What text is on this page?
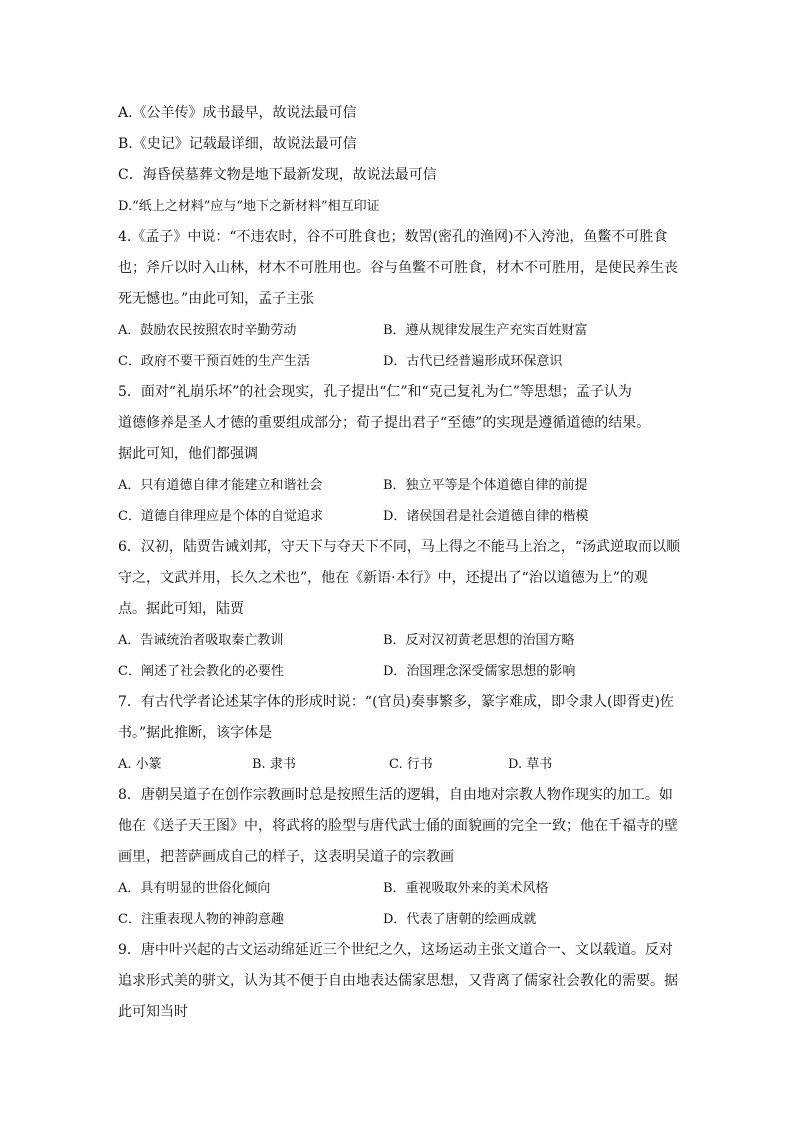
A.《公羊传》成书最早，故说法最可信
B.《史记》记载最详细，故说法最可信
C．海昏侯墓葬文物是地下最新发现，故说法最可信
D.“纸上之材料”应与“地下之新材料”相互印证
4.《孟子》中说：“不违农时，谷不可胜食也；数罟(密孔的渔网)不入洿池，鱼鳖不可胜食
也；斧斤以时入山林，材木不可胜用也。谷与鱼鳖不可胜食，材木不可胜用，是使民养生丧
死无憾也。”由此可知，孟子主张
A．鼓励农民按照农时辛勤劳动	B．遵从规律发展生产充实百姓财富
C．政府不要干预百姓的生产生活	D．古代已经普遍形成环保意识
5．面对“礼崩乐坏”的社会现实，孔子提出“仁”和“克己复礼为仁”等思想；孟子认为
道德修养是圣人才德的重要组成部分；荀子提出君子“至德”的实现是遵循道德的结果。
据此可知，他们都强调
A．只有道德自律才能建立和谐社会	B．独立平等是个体道德自律的前提
C．道德自律理应是个体的自觉追求	D．诸侯国君是社会道德自律的楷模
6．汉初，陆贾告诫刘邦，守天下与夺天下不同，马上得之不能马上治之，“汤武逆取而以顺
守之，文武并用，长久之术也”，他在《新语·本行》中，还提出了“治以道德为上”的观
点。据此可知，陆贾
A．告诫统治者吸取秦亡教训	B．反对汉初黄老思想的治国方略
C．阐述了社会教化的必要性	D．治国理念深受儒家思想的影响
7．有古代学者论述某字体的形成时说：“(官员)奏事繁多，篆字难成，即令隶人(即胥吏)佐
书。”据此推断，该字体是
A. 小篆	B. 隶书	C. 行书	D. 草书
8．唐朝吴道子在创作宗教画时总是按照生活的逻辑，自由地对宗教人物作现实的加工。如
他在《送子天王图》中，将武将的脸型与唐代武士俑的面貌画的完全一致；他在千福寺的壁
画里，把菩萨画成自己的样子，这表明吴道子的宗教画
A．具有明显的世俗化倾向	B．重视吸取外来的美术风格
C．注重表现人物的神韵意趣	D．代表了唐朝的绘画成就
9．唐中叶兴起的古文运动绵延近三个世纪之久，这场运动主张文道合一、文以载道。反对
追求形式美的骈文，认为其不便于自由地表达儒家思想，又背离了儒家社会教化的需要。据
此可知当时
